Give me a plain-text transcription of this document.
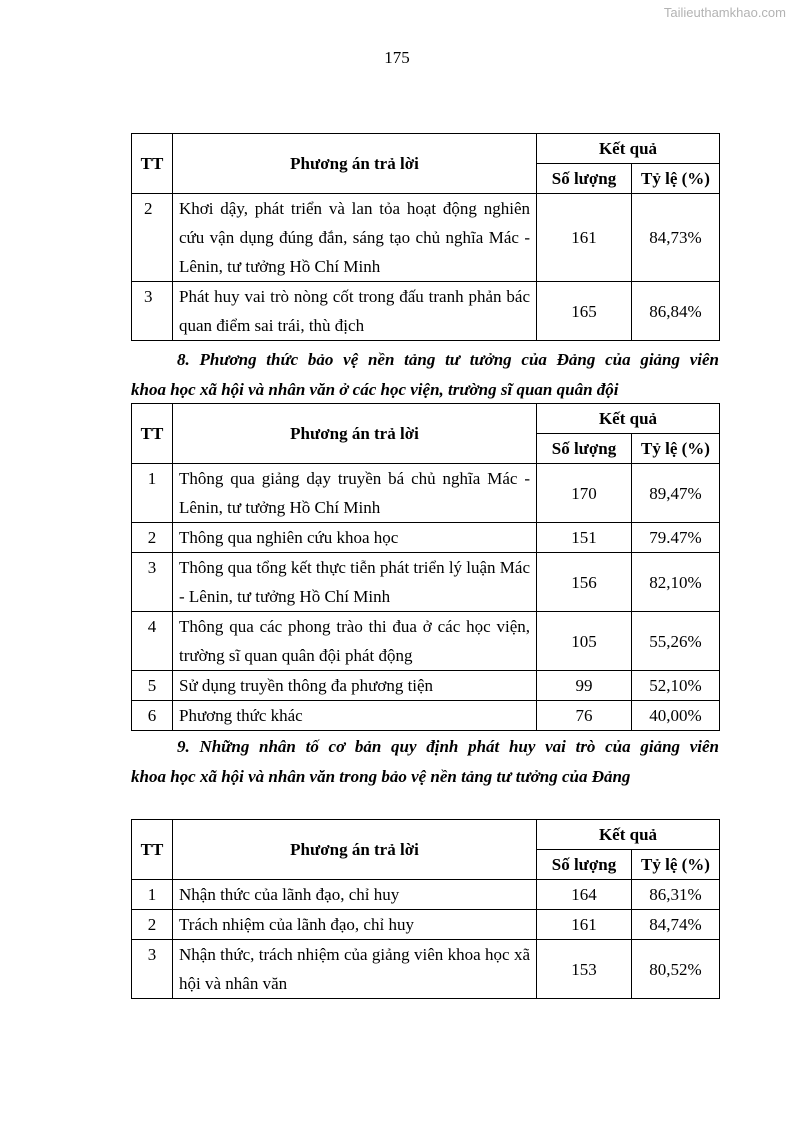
Tailieuthamkhao.com
175
TT	Phương án trả lời	Kết quả	
		Số lượng	Tỷ lệ (%)
2	Khơi dậy, phát triển và lan tỏa hoạt động nghiên cứu vận dụng đúng đắn, sáng tạo chủ nghĩa Mác - Lênin, tư tưởng Hồ Chí Minh	161	84,73%
3	Phát huy vai trò nòng cốt trong đấu tranh phản bác quan điểm sai trái, thù địch	165	86,84%
8. Phương thức bảo vệ nền tảng tư tưởng của Đảng của giảng viên
khoa học xã hội và nhân văn ở các học viện, trường sĩ quan quân đội
TT	Phương án trả lời	Kết quả	
		Số lượng	Tỷ lệ (%)
1	Thông qua giảng dạy truyền bá chủ nghĩa Mác - Lênin, tư tưởng Hồ Chí Minh	170	89,47%
2	Thông qua nghiên cứu khoa học	151	79.47%
3	Thông qua tổng kết thực tiễn phát triển lý luận Mác - Lênin, tư tưởng Hồ Chí Minh	156	82,10%
4	Thông qua các phong trào thi đua ở các học viện, trường sĩ quan quân đội phát động	105	55,26%
5	Sử dụng truyền thông đa phương tiện	99	52,10%
6	Phương thức khác	76	40,00%
9. Những nhân tố cơ bản quy định phát huy vai trò của giảng viên
khoa học xã hội và nhân văn trong bảo vệ nền tảng tư tưởng của Đảng
TT	Phương án trả lời	Kết quả	
		Số lượng	Tỷ lệ (%)
1	Nhận thức của lãnh đạo, chỉ huy	164	86,31%
2	Trách nhiệm của lãnh đạo, chỉ huy	161	84,74%
3	Nhận thức, trách nhiệm của giảng viên khoa học xã hội và nhân văn	153	80,52%
